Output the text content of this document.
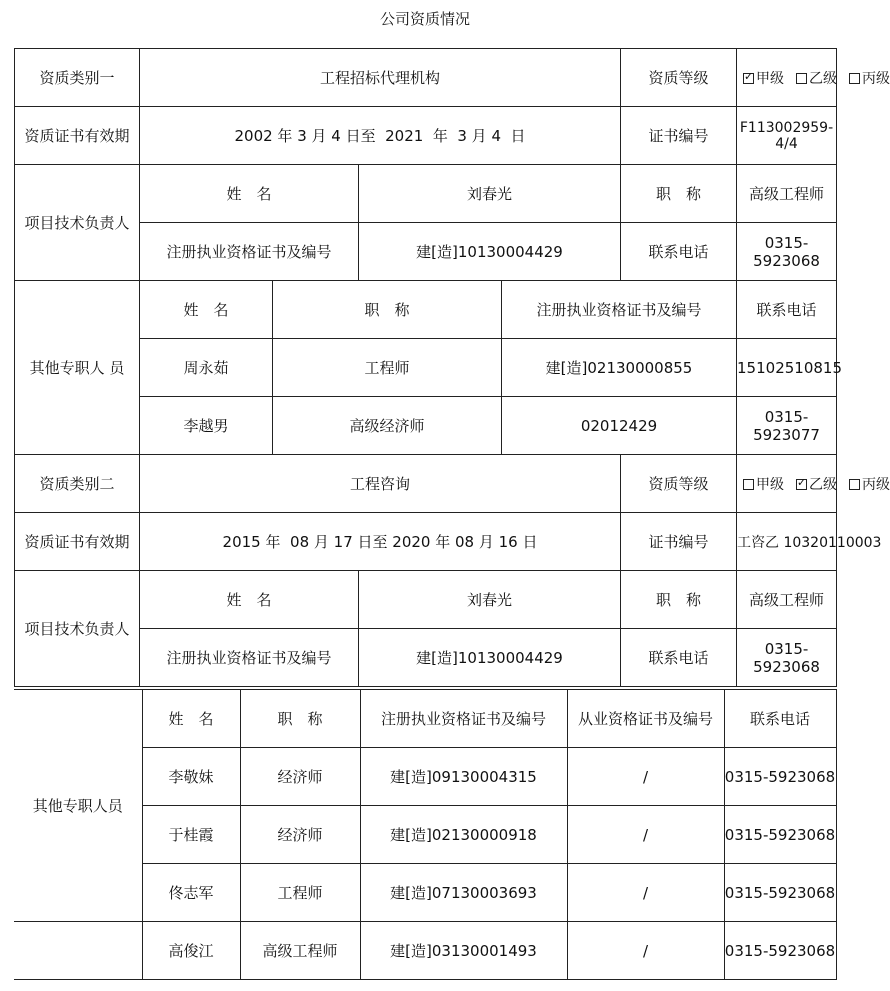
公司资质情况
资质类别一	工程招标代理机构				资质等级	✓甲级 乙级 丙级
资质证书有效期	2002 年 3 月 4 日至  2021  年  3 月 4  日				证书编号	F113002959-4/4
项目技术负责人	姓　名		刘春光		职　称	高级工程师
	注册执业资格证书及编号		建[造]10130004429		联系电话	0315-5923068
其他专职人 员	姓　名	职　称		注册执业资格证书及编号		联系电话
	周永茹	工程师		建[造]02130000855		15102510815
	李越男	高级经济师		02012429		0315-5923077
资质类别二	工程咨询				资质等级	甲级 ✓ 乙级 丙级
资质证书有效期	2015 年  08 月 17 日至 2020 年 08 月 16 日				证书编号	工咨乙 10320110003
项目技术负责人	姓　名		刘春光		职　称	高级工程师
	注册执业资格证书及编号		建[造]10130004429		联系电话	0315-5923068
其他专职人员	姓　名	职　称	注册执业资格证书及编号	从业资格证书及编号	联系电话
	李敬妹	经济师	建[造]09130004315	/	0315-5923068
	于桂霞	经济师	建[造]02130000918	/	0315-5923068
	佟志军	工程师	建[造]07130003693	/	0315-5923068
	高俊江	高级工程师	建[造]03130001493	/	0315-5923068
